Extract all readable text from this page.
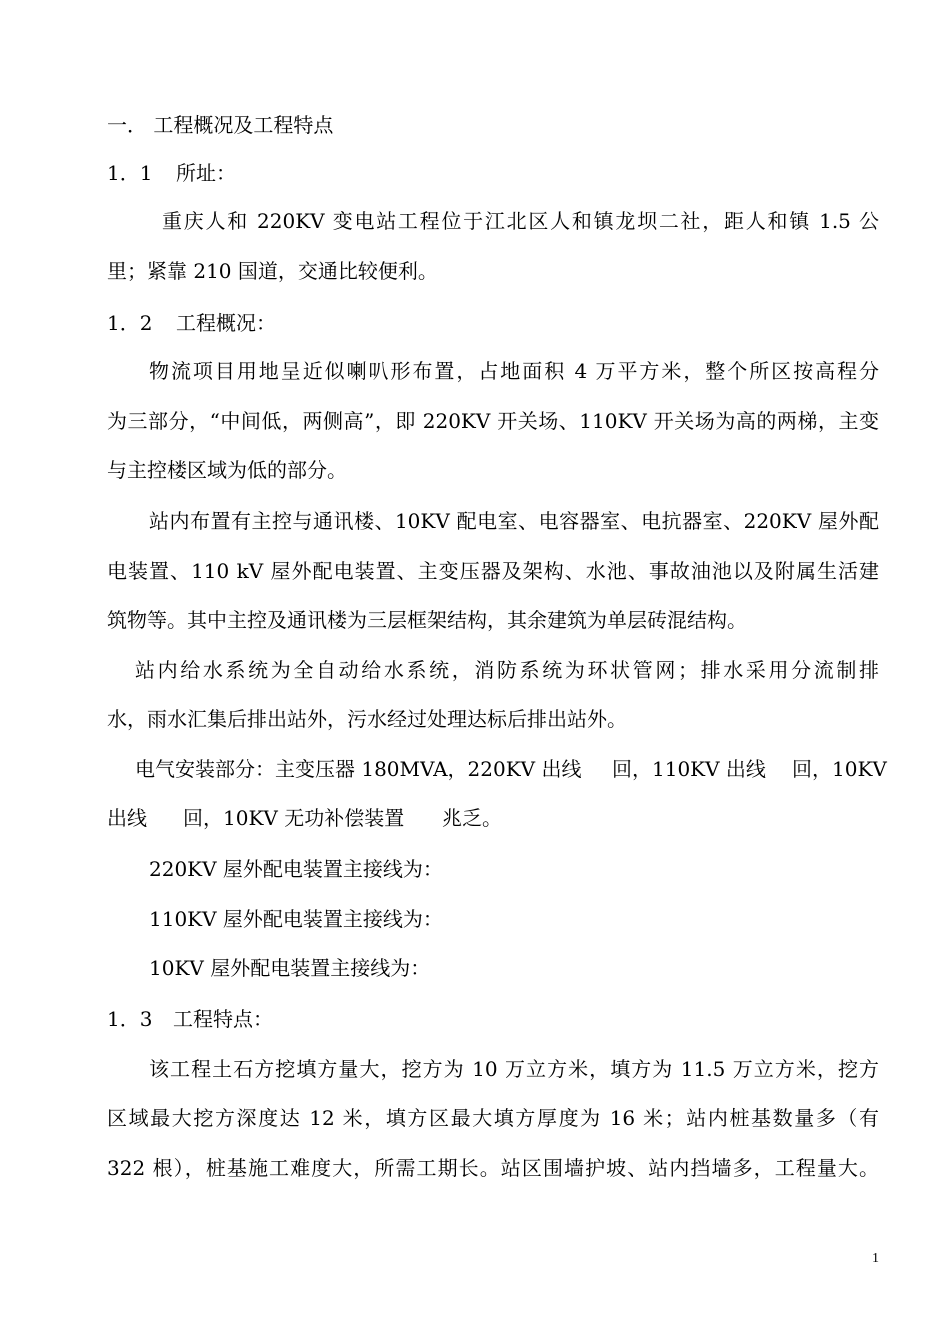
一． 工程概况及工程特点

1．1

所址：

重庆人和 220KV 变电站工程位于江北区人和镇龙坝二社，距人和镇 1.5 公

里；紧靠 210 国道，交通比较便利。

1．2

工程概况：

物流项目用地呈近似喇叭形布置，占地面积 4 万平方米，整个所区按高程分

为三部分，“中间低，两侧高”，即 220KV 开关场、110KV 开关场为高的两梯，主变

与主控楼区域为低的部分。

站内布置有主控与通讯楼、10KV 配电室、电容器室、电抗器室、220KV 屋外配

电装置、110 kV 屋外配电装置、主变压器及架构、水池、事故油池以及附属生活建

筑物等。其中主控及通讯楼为三层框架结构，其余建筑为单层砖混结构。

站内给水系统为全自动给水系统，消防系统为环状管网；排水采用分流制排

水，雨水汇集后排出站外，污水经过处理达标后排出站外。

电气安装部分：主变压器 180MVA，220KV 出线

回，110KV 出线

回，10KV

出线

回，10KV 无功补偿装置

兆乏。

220KV 屋外配电装置主接线为：

110KV 屋外配电装置主接线为：

10KV 屋外配电装置主接线为：

1．3

工程特点：

该工程土石方挖填方量大，挖方为 10 万立方米，填方为 11.5 万立方米，挖方

区域最大挖方深度达 12 米，填方区最大填方厚度为 16 米；站内桩基数量多（有

322 根），桩基施工难度大，所需工期长。站区围墙护坡、站内挡墙多，工程量大。

1
